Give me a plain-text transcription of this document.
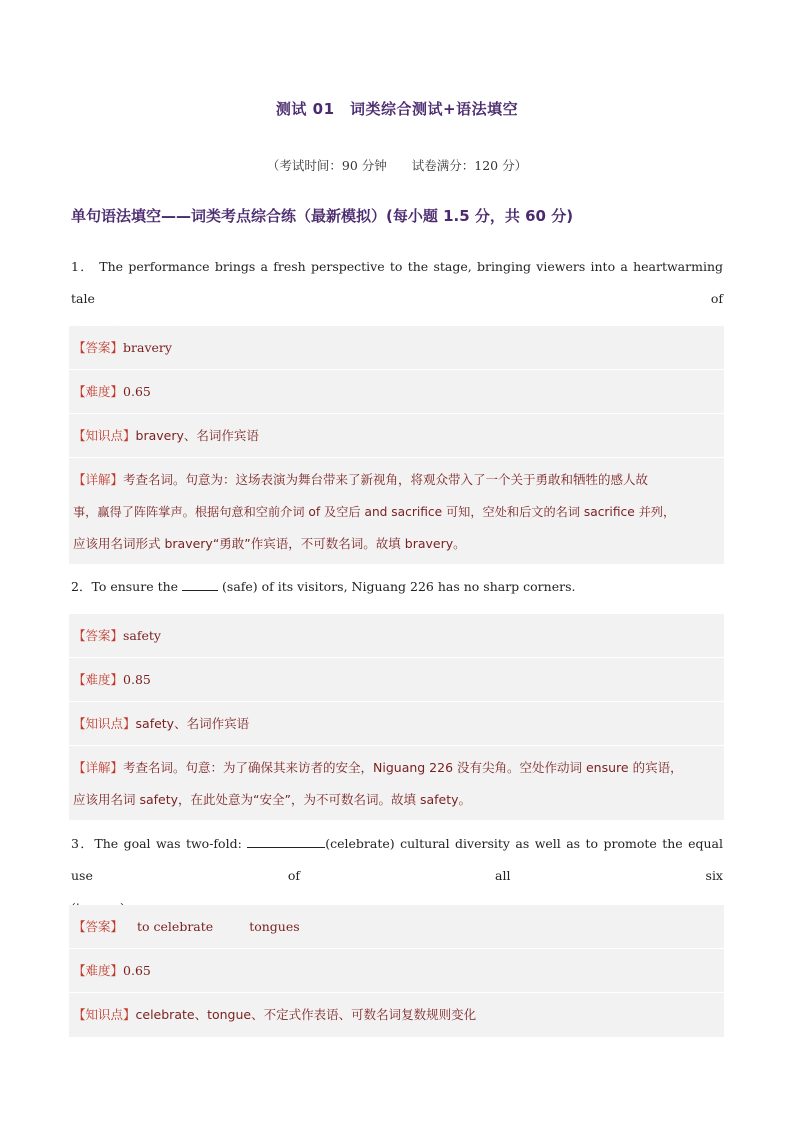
测试 01　词类综合测试+语法填空
（考试时间：90 分钟　　试卷满分：120 分）
单句语法填空——词类考点综合练（最新模拟）(每小题 1.5 分，共 60 分)
1． The performance brings a fresh perspective to the stage, bringing viewers into a heartwarming tale of
【答案】 bravery
【难度】 0.65
【知识点】 bravery、名词作宾语
【详解】考查名词。句意为：这场表演为舞台带来了新视角，将观众带入了一个关于勇敢和牺牲的感人故
事，赢得了阵阵掌声。根据句意和空前介词 of 及空后 and sacrifice 可知，空处和后文的名词 sacrifice 并列，
应该用名词形式 bravery“勇敢”作宾语，不可数名词。故填 bravery。
2．To ensure the	(safe) of its visitors, Niguang 226 has no sharp corners.
【答案】 safety
【难度】 0.85
【知识点】 safety、名词作宾语
【详解】考查名词。句意：为了确保其来访者的安全，Niguang 226 没有尖角。空处作动词 ensure 的宾语，
应该用名词 safety，在此处意为“安全”，为不可数名词。故填 safety。
3．The goal was two-fold:	(celebrate) cultural diversity as well as to promote the equal use of all six
【答案】 to celebrate	tongues
【难度】 0.65
【知识点】 celebrate、tongue、不定式作表语、可数名词复数规则变化
